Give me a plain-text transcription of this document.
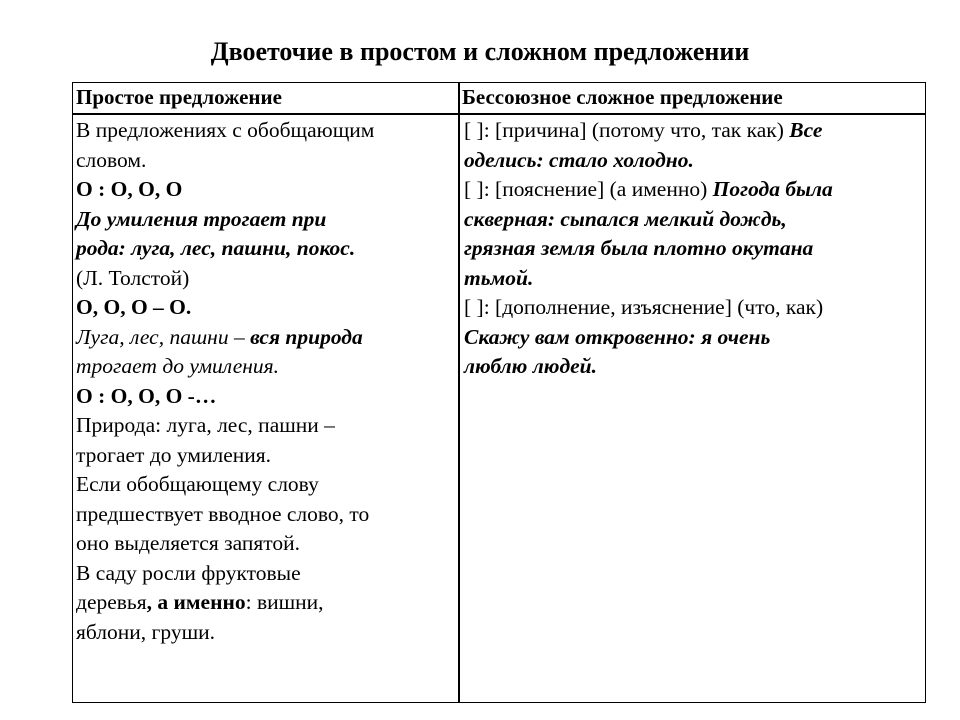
Двоеточие в простом и сложном предложении
Простое предложение	Бессоюзное сложное предложение
В предложениях с обобщающим
словом.
О : О, О, О
До умиления трогает при
рода: луга, лес, пашни, покос.
(Л. Толстой)
О, О, О – О.
Луга, лес, пашни – вся природа
трогает до умиления.
О : О, О, О -…
Природа: луга, лес, пашни –
трогает до умиления.
Если обобщающему слову
предшествует вводное слово, то
оно выделяется запятой.
В саду росли фруктовые
деревья, а именно: вишни,
яблони, груши.
[ ]: [причина] (потому что, так как) Все
оделись: стало холодно.
[ ]: [пояснение] (а именно) Погода была
скверная: сыпался мелкий дождь,
грязная земля была плотно окутана
тьмой.
[ ]: [дополнение, изъяснение] (что, как)
Скажу вам откровенно: я очень
люблю людей.
